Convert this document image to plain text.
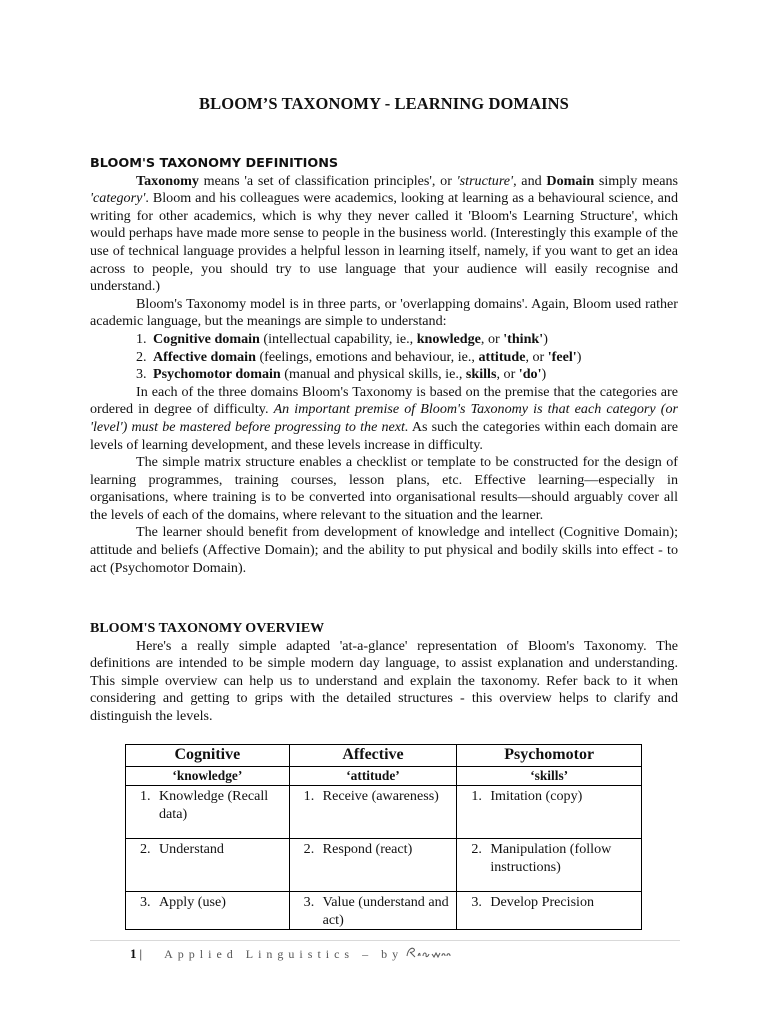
BLOOM’S TAXONOMY - LEARNING DOMAINS
BLOOM'S TAXONOMY DEFINITIONS

Taxonomy means 'a set of classification principles', or 'structure', and Domain simply means 'category'. Bloom and his colleagues were academics, looking at learning as a behavioural science, and writing for other academics, which is why they never called it 'Bloom's Learning Structure', which would perhaps have made more sense to people in the business world. (Interestingly this example of the use of technical language provides a helpful lesson in learning itself, namely, if you want to get an idea across to people, you should try to use language that your audience will easily recognise and understand.)

Bloom's Taxonomy model is in three parts, or 'overlapping domains'. Again, Bloom used rather academic language, but the meanings are simple to understand:

1. Cognitive domain (intellectual capability, ie., knowledge, or 'think')
2. Affective domain (feelings, emotions and behaviour, ie., attitude, or 'feel')
3. Psychomotor domain (manual and physical skills, ie., skills, or 'do')

In each of the three domains Bloom's Taxonomy is based on the premise that the categories are ordered in degree of difficulty. An important premise of Bloom's Taxonomy is that each category (or 'level') must be mastered before progressing to the next. As such the categories within each domain are levels of learning development, and these levels increase in difficulty.

The simple matrix structure enables a checklist or template to be constructed for the design of learning programmes, training courses, lesson plans, etc. Effective learning—especially in organisations, where training is to be converted into organisational results—should arguably cover all the levels of each of the domains, where relevant to the situation and the learner.

The learner should benefit from development of knowledge and intellect (Cognitive Domain); attitude and beliefs (Affective Domain); and the ability to put physical and bodily skills into effect - to act (Psychomotor Domain).

BLOOM'S TAXONOMY OVERVIEW

Here's a really simple adapted 'at-a-glance' representation of Bloom's Taxonomy. The definitions are intended to be simple modern day language, to assist explanation and understanding. This simple overview can help us to understand and explain the taxonomy. Refer back to it when considering and getting to grips with the detailed structures - this overview helps to clarify and distinguish the levels.

Cognitive	Affective	Psychomotor
‘knowledge’	‘attitude’	‘skills’

1. Knowledge (Recall data)	1. Receive (awareness)	1. Imitation (copy)

2. Understand	2. Respond (react)	2. Manipulation (follow instructions)

3. Apply (use)	3. Value (understand and act)	3. Develop Precision
1 | Applied Linguistics – by
